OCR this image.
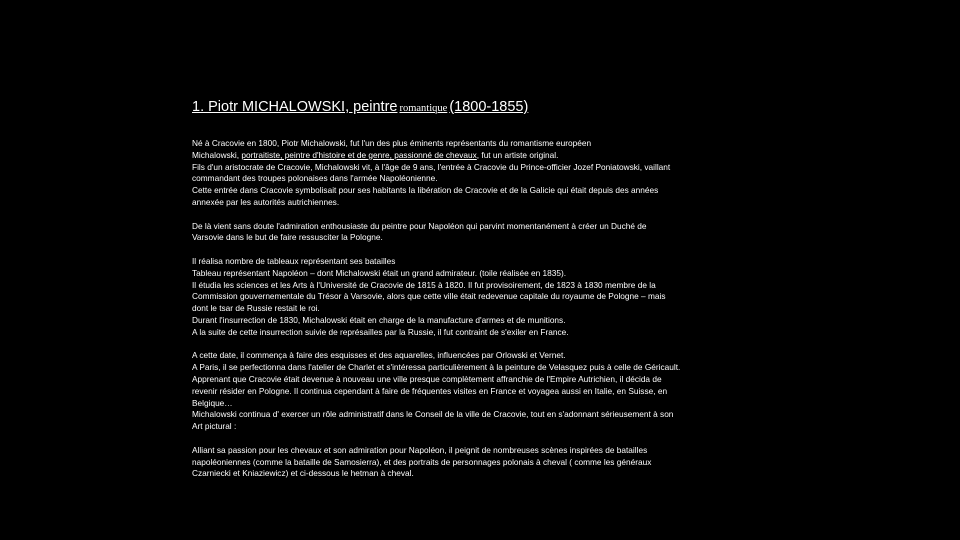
1. Piotr MICHALOWSKI, peintre romantique (1800-1855)

Né à Cracovie en 1800, Piotr Michalowski, fut l'un des plus éminents représentants du romantisme européen
Michalowski, portraitiste, peintre d'histoire et de genre, passionné de chevaux, fut un artiste original.
Fils d'un aristocrate de Cracovie, Michalowski vit, à l'âge de 9 ans, l'entrée à Cracovie du Prince-officier Jozef Poniatowski, vaillant
commandant des troupes polonaises dans l'armée Napoléonienne.
Cette entrée dans Cracovie symbolisait pour ses habitants la libération de Cracovie et de la Galicie qui était depuis des années
annexée par les autorités autrichiennes.

De là vient sans doute l'admiration enthousiaste du peintre pour Napoléon qui parvint momentanément à créer un Duché de
Varsovie dans le but de faire ressusciter la Pologne.

Il réalisa nombre de tableaux représentant ses batailles
Tableau représentant Napoléon – dont Michalowski était un grand admirateur. (toile réalisée en 1835).
Il étudia les sciences et les Arts à l'Université de Cracovie de 1815 à 1820. Il fut provisoirement, de 1823 à 1830 membre de la
Commission gouvernementale du Trésor à Varsovie, alors que cette ville était redevenue capitale du royaume de Pologne – mais
dont le tsar de Russie restait le roi.
Durant l'insurrection de 1830, Michalowski était en charge de la manufacture d'armes et de munitions.
A la suite de cette insurrection suivie de représailles par la Russie, il fut contraint de s'exiler en France.

A cette date, il commença à faire des esquisses et des aquarelles, influencées par Orlowski et Vernet.
A Paris, il se perfectionna dans l'atelier de Charlet et s'intéressa particulièrement à la peinture de Velasquez puis à celle de Géricault.
Apprenant que Cracovie était devenue à nouveau une ville presque complètement affranchie de l'Empire Autrichien, il décida de
revenir résider en Pologne. Il continua cependant à faire de fréquentes visites en France et voyagea aussi en Italie, en Suisse, en
Belgique…
Michalowski continua d' exercer un rôle administratif dans le Conseil de la ville de Cracovie, tout en s'adonnant sérieusement à son
Art pictural :

Alliant sa passion pour les chevaux et son admiration pour Napoléon, il peignit de nombreuses scènes inspirées de batailles
napoléoniennes (comme la bataille de Samosierra), et des portraits de personnages polonais à cheval ( comme les généraux
Czarniecki et Kniaziewicz) et ci-dessous le hetman à cheval.
